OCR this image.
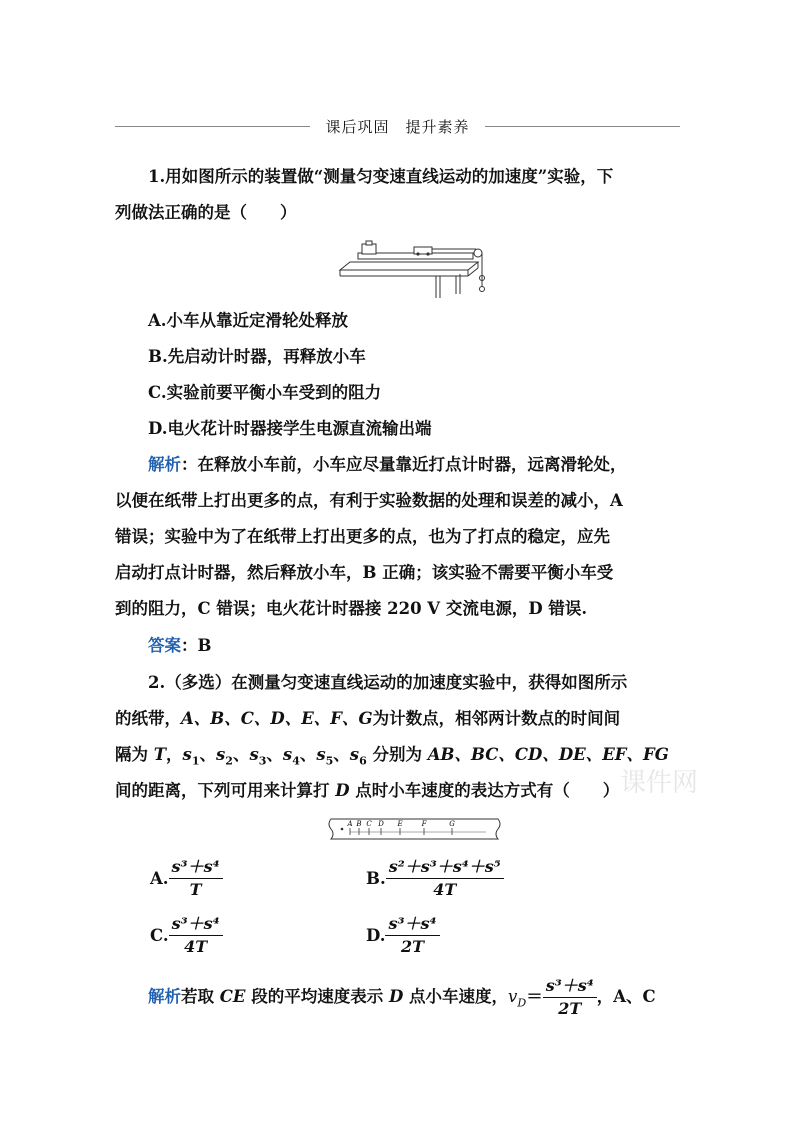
课后巩固　提升素养
1.用如图所示的装置做“测量匀变速直线运动的加速度”实验，下
列做法正确的是（　　）
A.小车从靠近定滑轮处释放
B.先启动计时器，再释放小车
C.实验前要平衡小车受到的阻力
D.电火花计时器接学生电源直流输出端
解析：在释放小车前，小车应尽量靠近打点计时器，远离滑轮处，
以便在纸带上打出更多的点，有利于实验数据的处理和误差的减小，A
错误；实验中为了在纸带上打出更多的点，也为了打点的稳定，应先
启动打点计时器，然后释放小车，B 正确；该实验不需要平衡小车受
到的阻力，C 错误；电火花计时器接 220 V 交流电源，D 错误.
答案：B
2.（多选）在测量匀变速直线运动的加速度实验中，获得如图所示
的纸带，A、B、C、D、E、F、G为计数点，相邻两计数点的时间间
隔为 T，$s_1$、$s_2$、$s_3$、$s_4$、$s_5$、$s_6$ 分别为 AB、BC、CD、DE、EF、FG
间的距离，下列可用来计算打 D 点时小车速度的表达方式有（　　） 课件网
A B C D E	F	G
A. $\frac{\text{s³＋s⁴}}{T}$	B. $\frac{\text{s²＋s³＋s⁴＋s⁵}}{4T}$
C. $\frac{\text{s³＋s⁴}}{4T}$	D. $\frac{\text{s³＋s⁴}}{2T}$
解析若取 CE 段的平均速度表示 D 点小车速度，$v_D= \frac{\text{s³＋s⁴}}{2T}$ ，A、C
